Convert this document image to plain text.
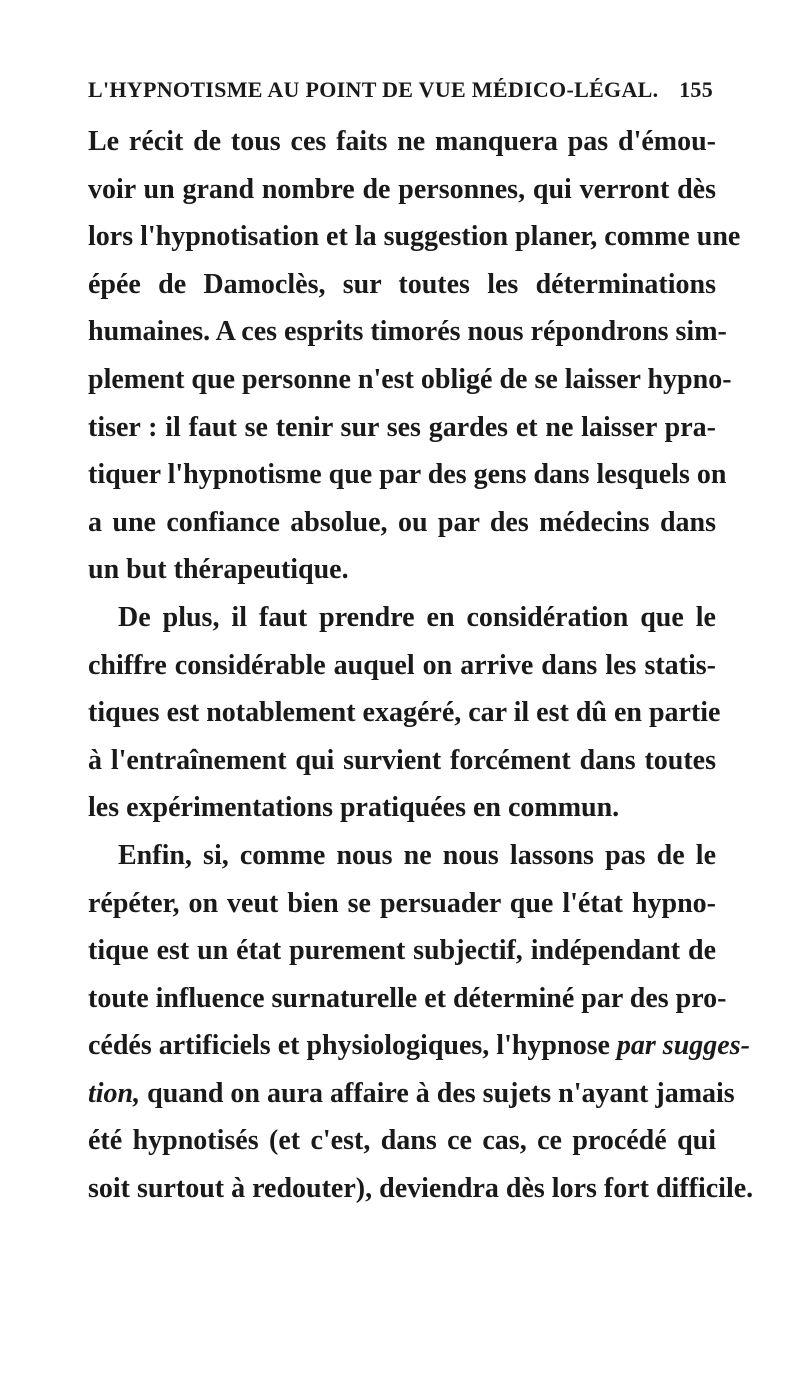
L'HYPNOTISME AU POINT DE VUE MÉDICO-LÉGAL. 155
Le récit de tous ces faits ne manquera pas d'émou-
voir un grand nombre de personnes, qui verront dès
lors l'hypnotisation et la suggestion planer, comme une
épée de Damoclès, sur toutes les déterminations
humaines. A ces esprits timorés nous répondrons sim-
plement que personne n'est obligé de se laisser hypno-
tiser : il faut se tenir sur ses gardes et ne laisser pra-
tiquer l'hypnotisme que par des gens dans lesquels on
a une confiance absolue, ou par des médecins dans
un but thérapeutique.
De plus, il faut prendre en considération que le
chiffre considérable auquel on arrive dans les statis-
tiques est notablement exagéré, car il est dû en partie
à l'entraînement qui survient forcément dans toutes
les expérimentations pratiquées en commun.
Enfin, si, comme nous ne nous lassons pas de le
répéter, on veut bien se persuader que l'état hypno-
tique est un état purement subjectif, indépendant de
toute influence surnaturelle et déterminé par des pro-
cédés artificiels et physiologiques, l'hypnose par sugges-
tion, quand on aura affaire à des sujets n'ayant jamais
été hypnotisés (et c'est, dans ce cas, ce procédé qui
soit surtout à redouter), deviendra dès lors fort difficile.
